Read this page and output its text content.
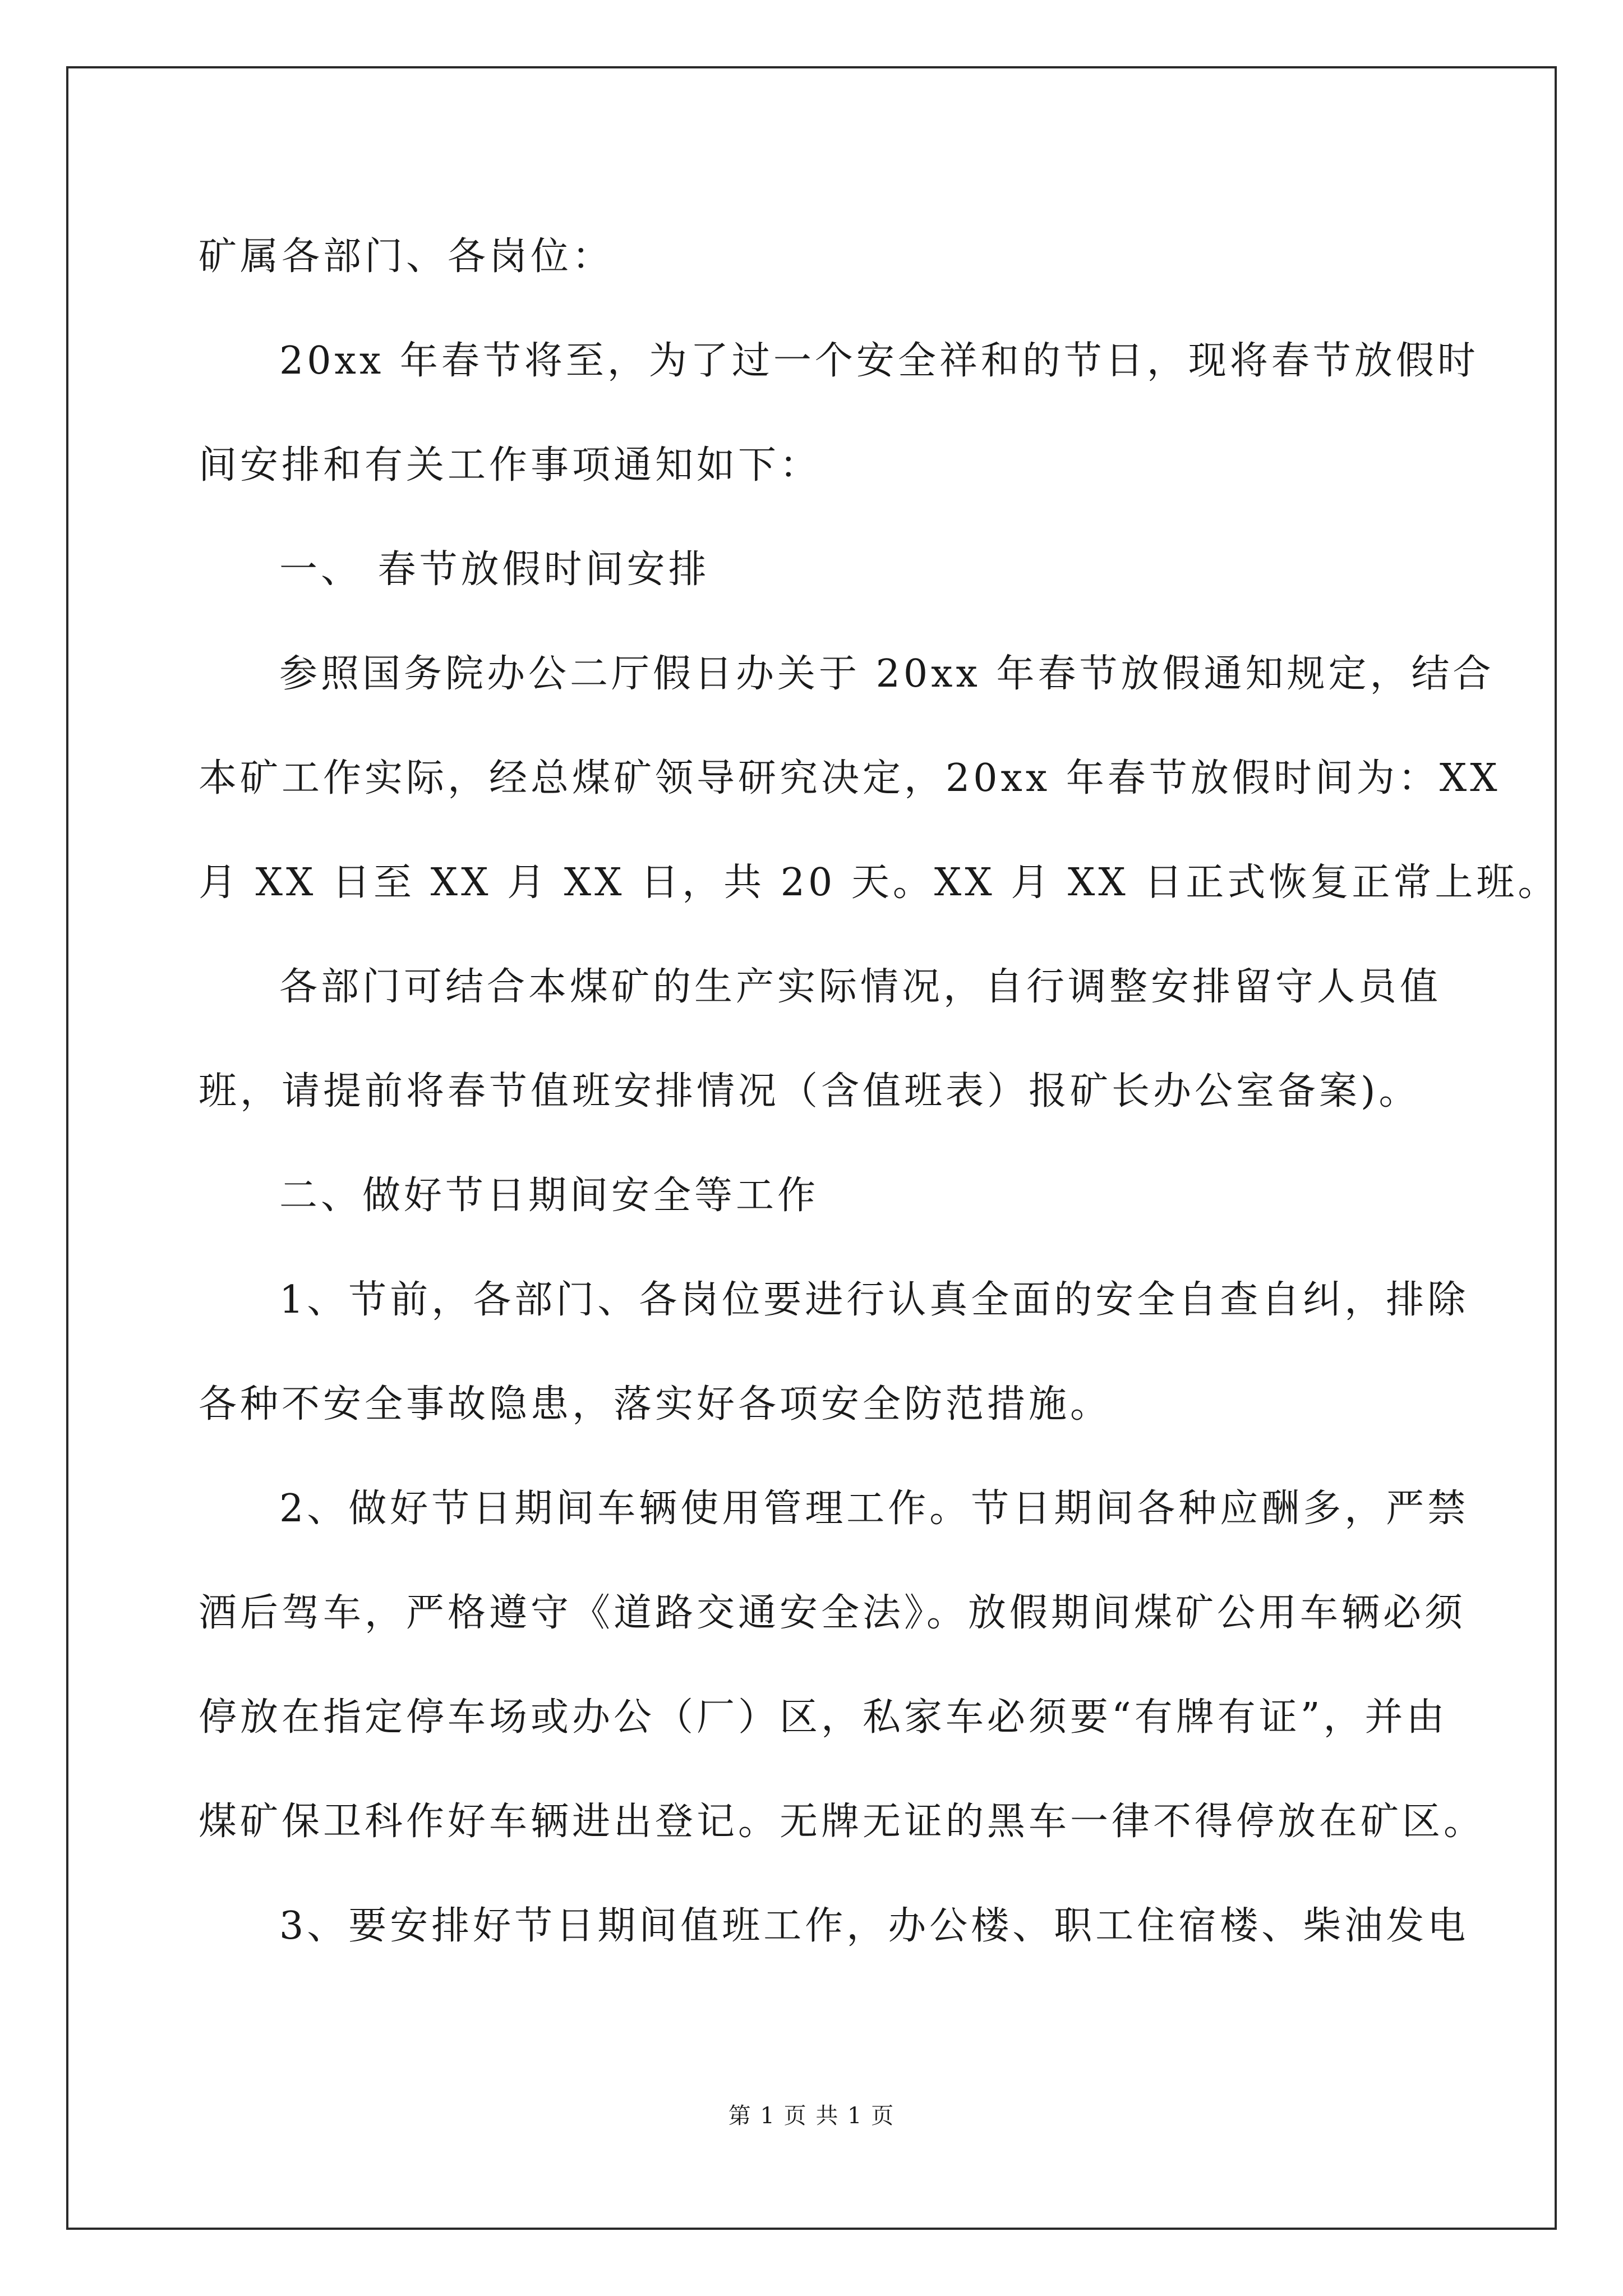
矿属各部门、各岗位：
20xx 年春节将至，为了过一个安全祥和的节日，现将春节放假时
间安排和有关工作事项通知如下：
一、 春节放假时间安排
参照国务院办公二厅假日办关于 20xx 年春节放假通知规定，结合
本矿工作实际，经总煤矿领导研究决定，20xx 年春节放假时间为：XX
月 XX 日至 XX 月 XX 日，共 20 天。XX 月 XX 日正式恢复正常上班。
各部门可结合本煤矿的生产实际情况，自行调整安排留守人员值
班，请提前将春节值班安排情况（含值班表）报矿长办公室备案)。
二、做好节日期间安全等工作
1、节前，各部门、各岗位要进行认真全面的安全自查自纠，排除
各种不安全事故隐患，落实好各项安全防范措施。
2、做好节日期间车辆使用管理工作。节日期间各种应酬多，严禁
酒后驾车，严格遵守《道路交通安全法》。放假期间煤矿公用车辆必须
停放在指定停车场或办公（厂）区，私家车必须要“有牌有证”，并由
煤矿保卫科作好车辆进出登记。无牌无证的黑车一律不得停放在矿区。
3、要安排好节日期间值班工作，办公楼、职工住宿楼、柴油发电
第 1 页 共 1 页
